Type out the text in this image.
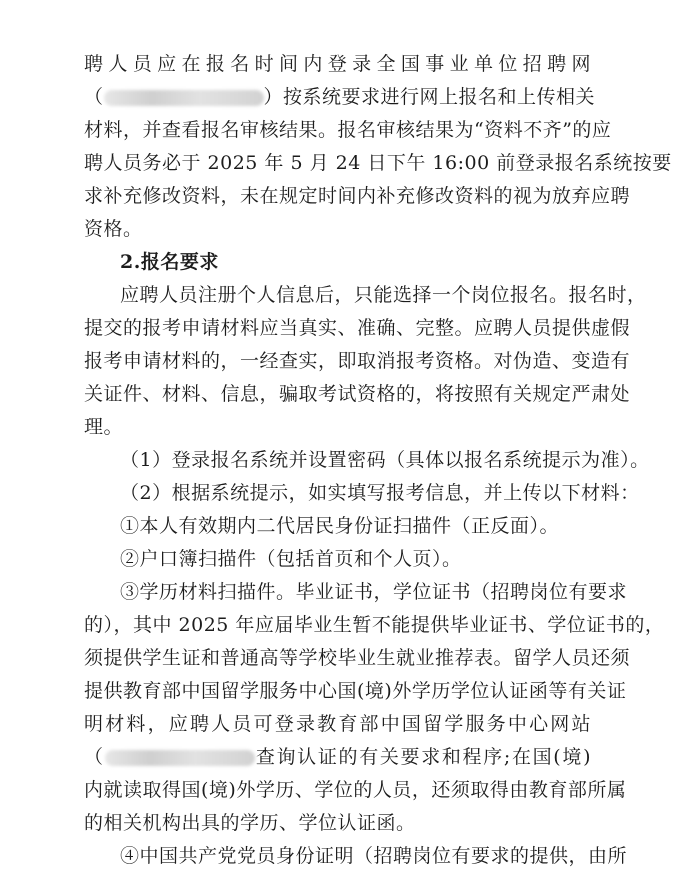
聘人员应在报名时间内登录全国事业单位招聘网
（	）按系统要求进行网上报名和上传相关
材料，并查看报名审核结果。报名审核结果为“资料不齐”的应
聘人员务必于 2025 年 5 月 24 日下午 16:00 前登录报名系统按要
求补充修改资料，未在规定时间内补充修改资料的视为放弃应聘
资格。
2.报名要求
应聘人员注册个人信息后，只能选择一个岗位报名。报名时，
提交的报考申请材料应当真实、准确、完整。应聘人员提供虚假
报考申请材料的，一经查实，即取消报考资格。对伪造、变造有
关证件、材料、信息，骗取考试资格的，将按照有关规定严肃处
理。
（1）登录报名系统并设置密码（具体以报名系统提示为准）。
（2）根据系统提示，如实填写报考信息，并上传以下材料：
①本人有效期内二代居民身份证扫描件（正反面）。
②户口簿扫描件（包括首页和个人页）。
③学历材料扫描件。毕业证书，学位证书（招聘岗位有要求
的），其中 2025 年应届毕业生暂不能提供毕业证书、学位证书的，
须提供学生证和普通高等学校毕业生就业推荐表。留学人员还须
提供教育部中国留学服务中心国(境)外学历学位认证函等有关证
明材料，应聘人员可登录教育部中国留学服务中心网站
（	查询认证的有关要求和程序;在国(境)
内就读取得国(境)外学历、学位的人员，还须取得由教育部所属
的相关机构出具的学历、学位认证函。
④中国共产党党员身份证明（招聘岗位有要求的提供，由所
